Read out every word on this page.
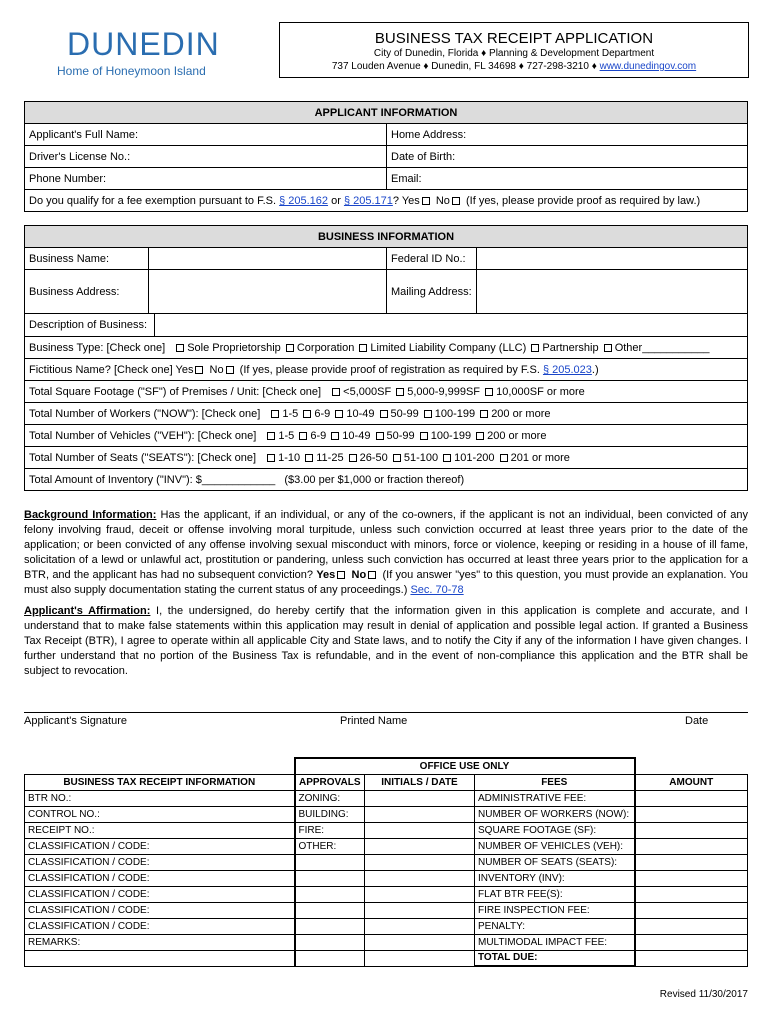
DUNEDIN
Home of Honeymoon Island
BUSINESS TAX RECEIPT APPLICATION
City of Dunedin, Florida ♦ Planning & Development Department
737 Louden Avenue ♦ Dunedin, FL 34698 ♦ 727-298-3210 ♦ www.dunedingov.com
APPLICANT INFORMATION			
Applicant's Full Name:		Home Address:	
Driver's License No.:		Date of Birth:	
Phone Number:		Email:	
Do you qualify for a fee exemption pursuant to F.S. § 205.162 or § 205.171? Yes No (If yes, please provide proof as required by law.)			
BUSINESS INFORMATION			
Business Name:		Federal ID No.:	
Business Address:		Mailing Address:	

Description of Business:			

Business Type: [Check one] Sole Proprietorship Corporation Limited Liability Company (LLC) Partnership Other___________			
Fictitious Name? [Check one] Yes No (If yes, please provide proof of registration as required by F.S. § 205.023.)			
Total Square Footage ("SF") of Premises / Unit: [Check one] <5,000SF 5,000-9,999SF 10,000SF or more			
Total Number of Workers ("NOW"): [Check one] 1-5 6-9 10-49 50-99 100-199 200 or more			
Total Number of Vehicles ("VEH"): [Check one] 1-5 6-9 10-49 50-99 100-199 200 or more			
Total Number of Seats ("SEATS"): [Check one] 1-10 11-25 26-50 51-100 101-200 201 or more			
Total Amount of Inventory ("INV"): $____________ ($3.00 per $1,000 or fraction thereof)			
Background Information: Has the applicant, if an individual, or any of the co-owners, if the applicant is not an individual, been convicted of any felony involving fraud, deceit or offense involving moral turpitude, unless such conviction occurred at least three years prior to the date of the application; or been convicted of any offense involving sexual misconduct with minors, force or violence, keeping or residing in a house of ill fame, solicitation of a lewd or unlawful act, prostitution or pandering, unless such conviction has occurred at least three years prior to the application for a BTR, and the applicant has had no subsequent conviction? Yes No (If you answer "yes" to this question, you must provide an explanation. You must also supply documentation stating the current status of any proceedings.) Sec. 70-78
Applicant's Affirmation: I, the undersigned, do hereby certify that the information given in this application is complete and accurate, and I understand that to make false statements within this application may result in denial of application and possible legal action. If granted a Business Tax Receipt (BTR), I agree to operate within all applicable City and State laws, and to notify the City if any of the information I have given changes. I further understand that no portion of the Business Tax is refundable, and in the event of non-compliance this application and the BTR shall be subject to revocation.
Applicant's Signature	Printed Name	Date
	OFFICE USE ONLY			
BUSINESS TAX RECEIPT INFORMATION	APPROVALS	INITIALS / DATE	FEES	AMOUNT
BTR NO.:	ZONING:		ADMINISTRATIVE FEE:	
CONTROL NO.:	BUILDING:		NUMBER OF WORKERS (NOW):	
RECEIPT NO.:	FIRE:		SQUARE FOOTAGE (SF):	
CLASSIFICATION / CODE:	OTHER:		NUMBER OF VEHICLES (VEH):	
CLASSIFICATION / CODE:			NUMBER OF SEATS (SEATS):	
CLASSIFICATION / CODE:			INVENTORY (INV):	
CLASSIFICATION / CODE:			FLAT BTR FEE(S):	
CLASSIFICATION / CODE:			FIRE INSPECTION FEE:	
CLASSIFICATION / CODE:			PENALTY:	
REMARKS:			MULTIMODAL IMPACT FEE:	
			TOTAL DUE:	
Revised 11/30/2017
